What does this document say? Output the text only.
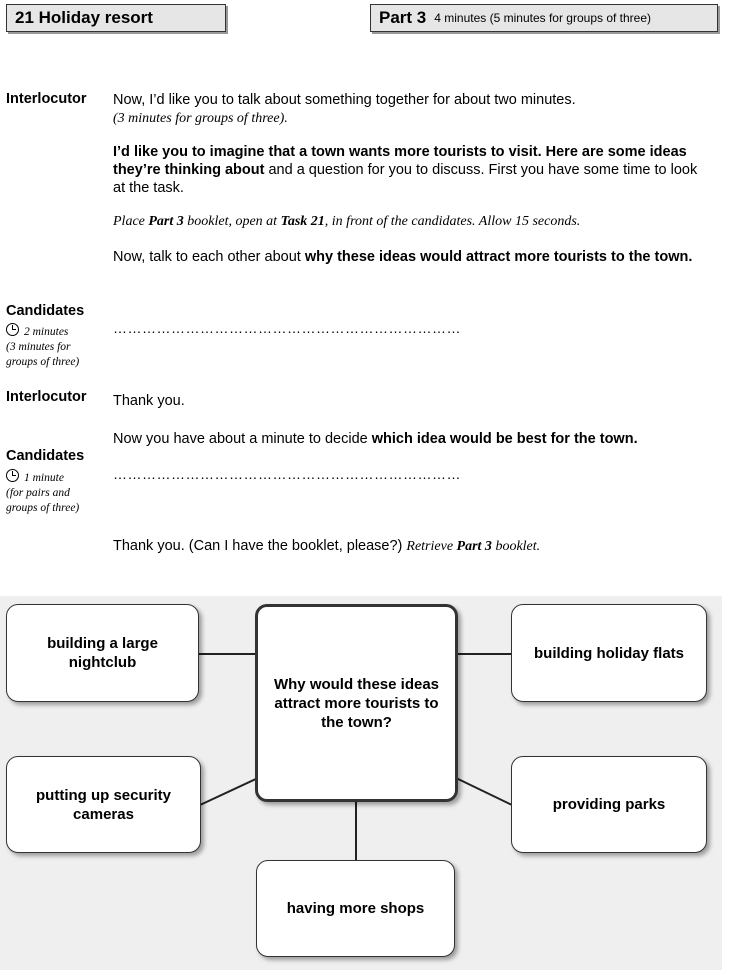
21 Holiday resort	Part 3 4 minutes (5 minutes for groups of three)
Interlocutor Now, I’d like you to talk about something together for about two minutes.
(3 minutes for groups of three).
I’d like you to imagine that a town wants more tourists to visit. Here are some ideas they’re thinking about and a question for you to discuss. First you have some time to look at the task.
Place Part 3 booklet, open at Task 21, in front of the candidates. Allow 15 seconds.
Now, talk to each other about why these ideas would attract more tourists to the town.
Candidates
2 minutes
(3 minutes for
groups of three)
………………………………………………………………
Interlocutor Thank you.
Now you have about a minute to decide which idea would be best for the town.
Candidates
1 minute
(for pairs and
groups of three)
………………………………………………………………
Thank you. (Can I have the booklet, please?) Retrieve Part 3 booklet.
building a large nightclub
building holiday flats
Why would these ideas attract more tourists to the town?
putting up security cameras
providing parks
having more shops
